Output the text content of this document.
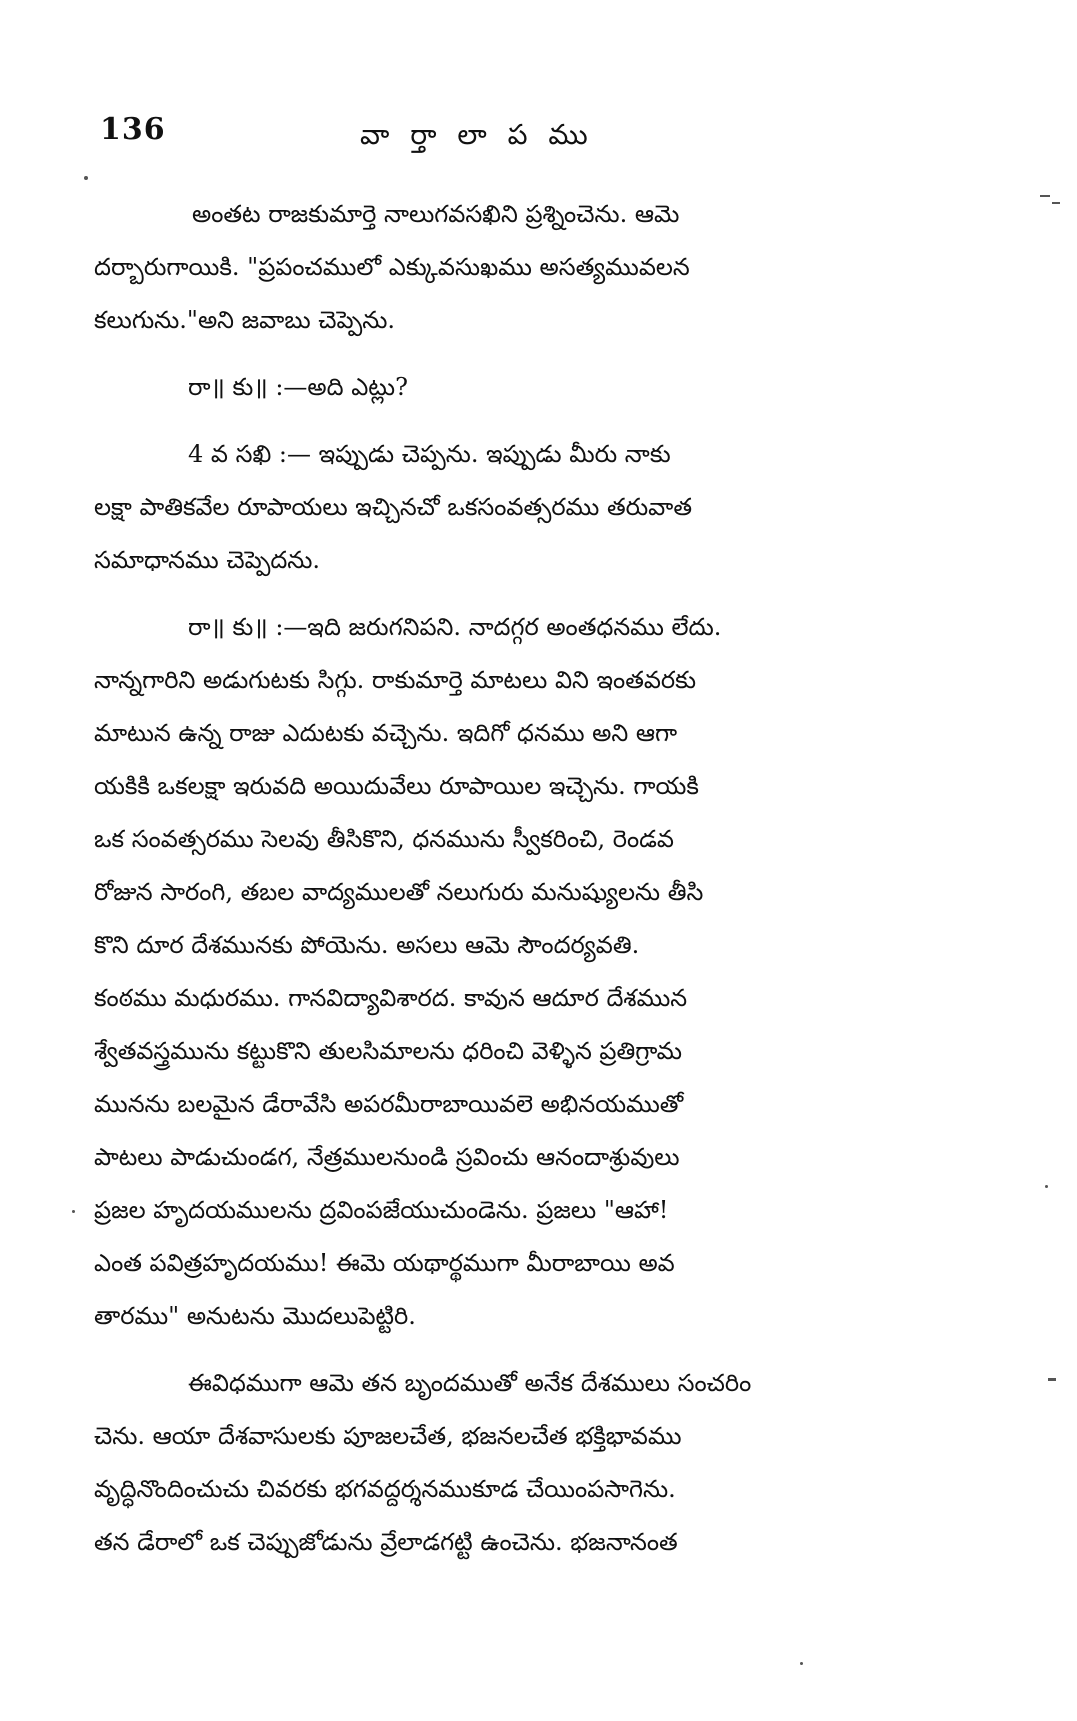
136	వా ర్తా లా ప ము
అంతట రాజకుమార్తె నాలుగవసఖిని ప్రశ్నించెను. ఆమె
దర్బారుగాయికి. "ప్రపంచములో ఎక్కువసుఖము అసత్యమువలన
కలుగును."అని జవాబు చెప్పెను.
రా॥ కు॥ :—అది ఎట్లు?
4 వ సఖి :— ఇప్పుడు చెప్పను. ఇప్పుడు మీరు నాకు
లక్షా పాతికవేల రూపాయలు ఇచ్చినచో ఒకసంవత్సరము తరువాత
సమాధానము చెప్పెదను.
రా॥ కు॥ :—ఇది జరుగనిపని. నాదగ్గర అంతధనము లేదు.
నాన్నగారిని అడుగుటకు సిగ్గు. రాకుమార్తె మాటలు విని ఇంతవరకు
మాటున ఉన్న రాజు ఎదుటకు వచ్చెను. ఇదిగో ధనము అని ఆగా
యకికి ఒకలక్షా ఇరువది అయిదువేలు రూపాయిల ఇచ్చెను. గాయకి
ఒక సంవత్సరము సెలవు తీసికొని, ధనమును స్వీకరించి, రెండవ
రోజున సారంగి, తబల వాద్యములతో నలుగురు మనుష్యులను తీసి
కొని దూర దేశమునకు పోయెను. అసలు ఆమె సౌందర్యవతి.
కంఠము మధురము. గానవిద్యావిశారద. కావున ఆదూర దేశమున
శ్వేతవస్త్రమును కట్టుకొని తులసిమాలను ధరించి వెళ్ళిన ప్రతిగ్రామ
మునను బలమైన డేరావేసి అపరమీరాబాయివలె అభినయముతో
పాటలు పాడుచుండగ, నేత్రములనుండి స్రవించు ఆనందాశ్రువులు
ప్రజల హృదయములను ద్రవింపజేయుచుండెను. ప్రజలు "ఆహా!
ఎంత పవిత్రహృదయము! ఈమె యథార్థముగా మీరాబాయి అవ
తారము" అనుటను మొదలుపెట్టిరి.
ఈవిధముగా ఆమె తన బృందముతో అనేక దేశములు సంచరిం
చెను. ఆయా దేశవాసులకు పూజలచేత, భజనలచేత భక్తిభావము
వృద్ధినొందించుచు చివరకు భగవద్దర్శనముకూడ చేయింపసాగెను.
తన డేరాలో ఒక చెప్పుజోడును వ్రేలాడగట్టి ఉంచెను. భజనానంత
